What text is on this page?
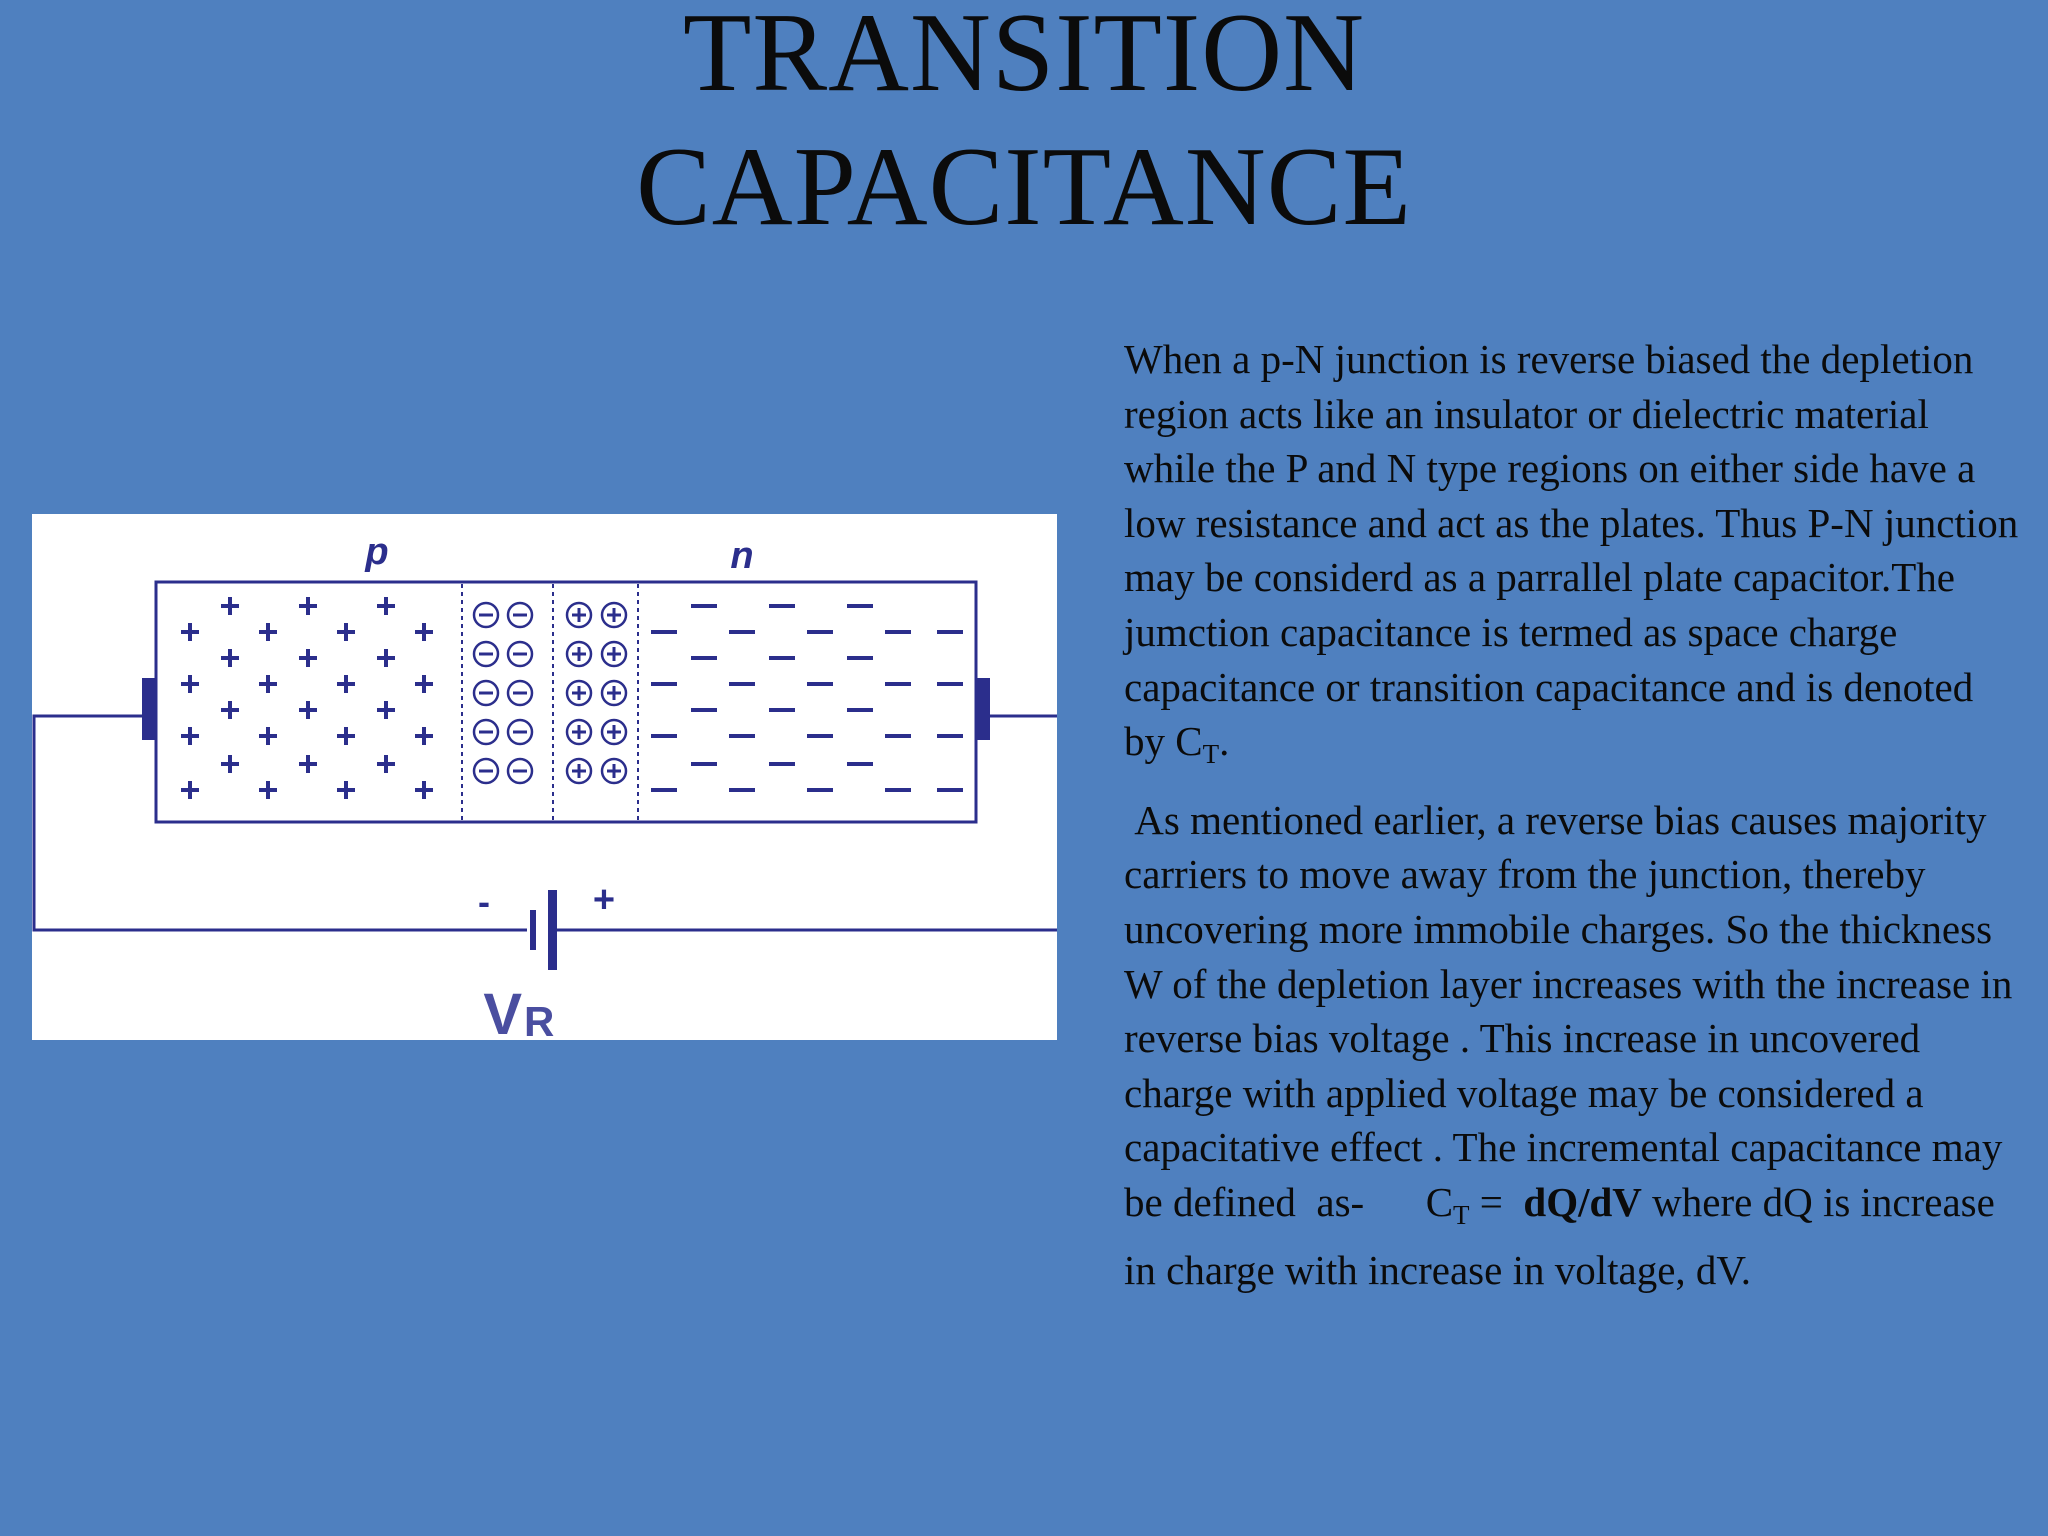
TRANSITION
CAPACITANCE
p	n
-	+
V R

When a p-N junction is reverse biased the depletion region acts like an insulator or dielectric material while the P and N type regions on either side have a low resistance and act as the plates. Thus P-N junction may be considerd as a parrallel plate capacitor.The jumction capacitance is termed as space charge capacitance or transition capacitance and is denoted by $C_T$.

As mentioned earlier, a reverse bias causes majority carriers to move away from the junction, thereby uncovering more immobile charges. So the thickness W of the depletion layer increases with the increase in reverse bias voltage . This increase in uncovered charge with applied voltage may be considered a capacitative effect . The incremental capacitance may be defined  as-      $C_T = dQ/dV$ where dQ is increase in charge with increase in voltage, dV.
